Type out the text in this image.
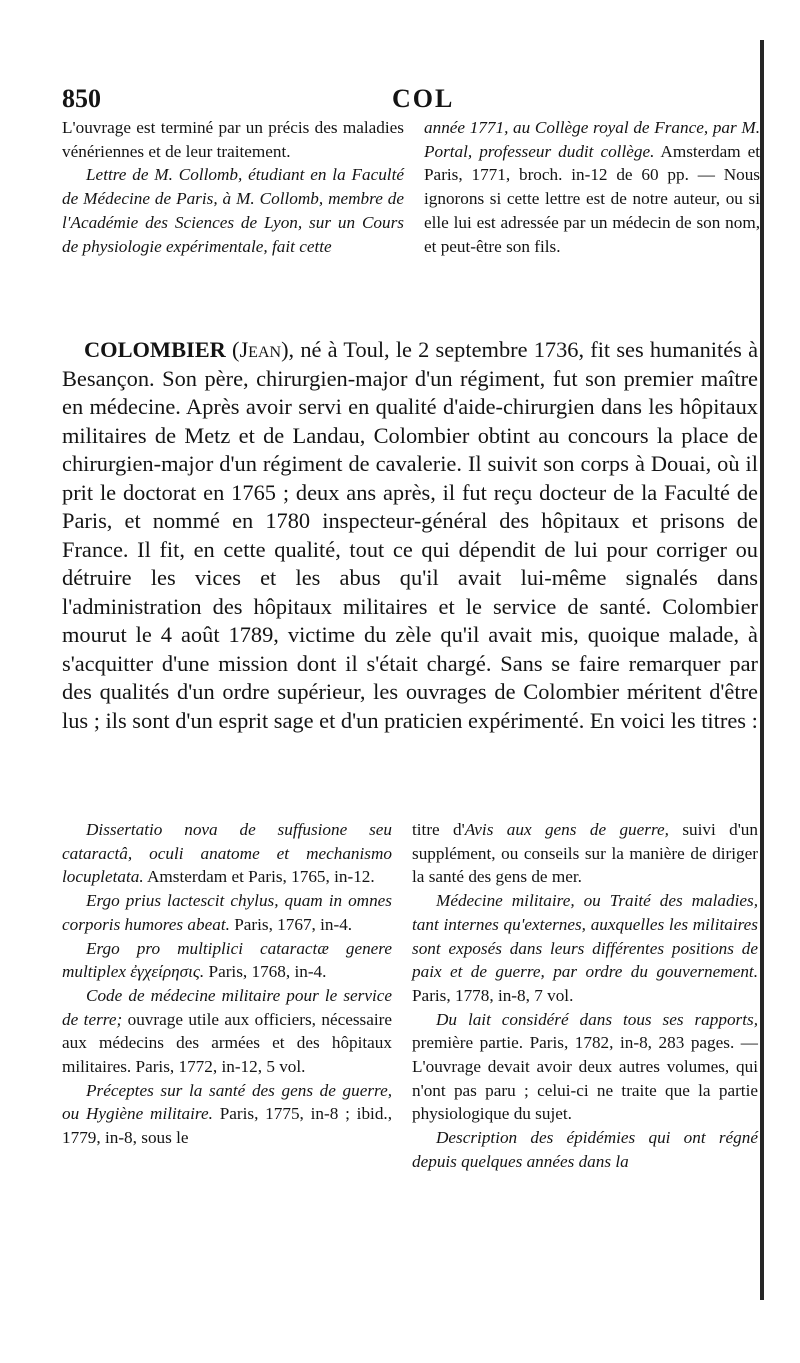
850	COL

L'ouvrage est terminé par un précis des maladies vénériennes et de leur traitement.

Lettre de M. Collomb, étudiant en la Faculté de Médecine de Paris, à M. Collomb, membre de l'Académie des Sciences de Lyon, sur un Cours de physiologie expérimentale, fait cette

année 1771, au Collège royal de France, par M. Portal, professeur dudit collège. Amsterdam et Paris, 1771, broch. in-12 de 60 pp. — Nous ignorons si cette lettre est de notre auteur, ou si elle lui est adressée par un médecin de son nom, et peut-être son fils.

COLOMBIER (Jean), né à Toul, le 2 septembre 1736, fit ses humanités à Besançon. Son père, chirurgien-major d'un régiment, fut son premier maître en médecine. Après avoir servi en qualité d'aide-chirurgien dans les hôpitaux militaires de Metz et de Landau, Colombier obtint au concours la place de chirurgien-major d'un régiment de cavalerie. Il suivit son corps à Douai, où il prit le doctorat en 1765 ; deux ans après, il fut reçu docteur de la Faculté de Paris, et nommé en 1780 inspecteur-général des hôpitaux et prisons de France. Il fit, en cette qualité, tout ce qui dépendit de lui pour corriger ou détruire les vices et les abus qu'il avait lui-même signalés dans l'administration des hôpitaux militaires et le service de santé. Colombier mourut le 4 août 1789, victime du zèle qu'il avait mis, quoique malade, à s'acquitter d'une mission dont il s'était chargé. Sans se faire remarquer par des qualités d'un ordre supérieur, les ouvrages de Colombier méritent d'être lus ; ils sont d'un esprit sage et d'un praticien expérimenté. En voici les titres :

Dissertatio nova de suffusione seu cataractâ, oculi anatome et mechanismo locupletata. Amsterdam et Paris, 1765, in-12.

Ergo prius lactescit chylus, quam in omnes corporis humores abeat. Paris, 1767, in-4.

Ergo pro multiplici cataractæ genere multiplex ἐγχείρησις. Paris, 1768, in-4.

Code de médecine militaire pour le service de terre; ouvrage utile aux officiers, nécessaire aux médecins des armées et des hôpitaux militaires. Paris, 1772, in-12, 5 vol.

Préceptes sur la santé des gens de guerre, ou Hygiène militaire. Paris, 1775, in-8 ; ibid., 1779, in-8, sous le

titre d'Avis aux gens de guerre, suivi d'un supplément, ou conseils sur la manière de diriger la santé des gens de mer.

Médecine militaire, ou Traité des maladies, tant internes qu'externes, auxquelles les militaires sont exposés dans leurs différentes positions de paix et de guerre, par ordre du gouvernement. Paris, 1778, in-8, 7 vol.

Du lait considéré dans tous ses rapports, première partie. Paris, 1782, in-8, 283 pages. — L'ouvrage devait avoir deux autres volumes, qui n'ont pas paru ; celui-ci ne traite que la partie physiologique du sujet.

Description des épidémies qui ont régné depuis quelques années dans la
